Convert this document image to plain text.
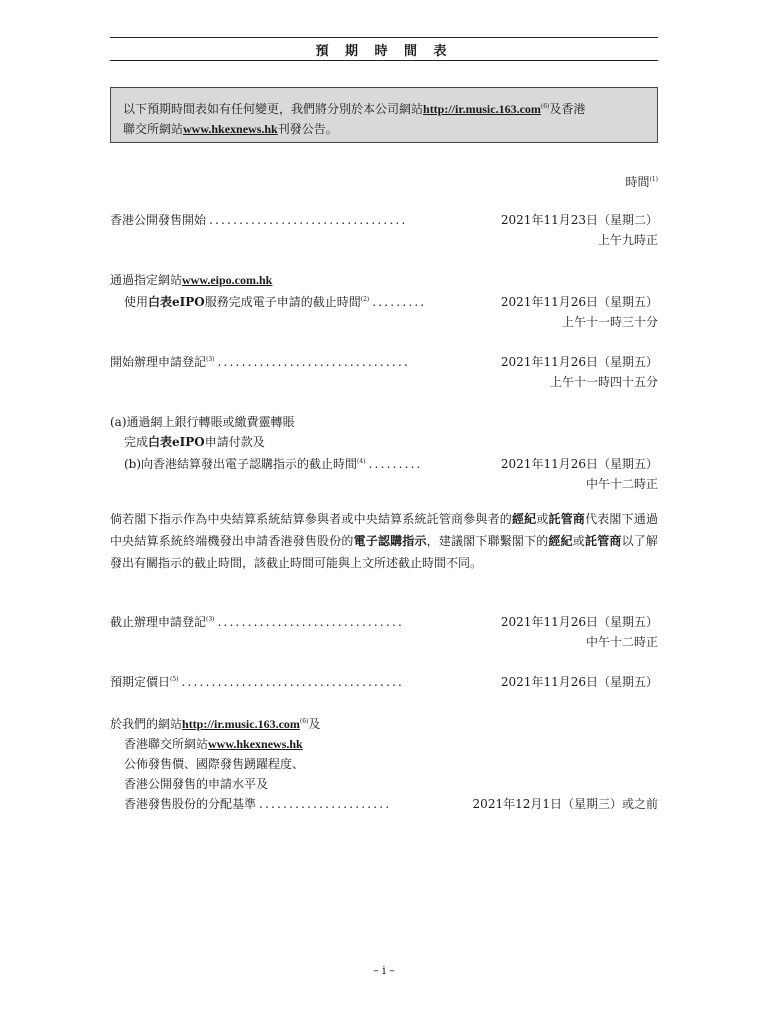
預 期 時 間 表
以下預期時間表如有任何變更，我們將分別於本公司網站http://ir.music.163.com$^{(6)}$及香港
聯交所網站www.hkexnews.hk刊發公告。
時間$^{(1)}$
香港公開發售開始 .................................	2021年11月23日（星期二）
上午九時正
通過指定網站www.eipo.com.hk
使用白表eIPO服務完成電子申請的截止時間$^{(2)}$ .........	2021年11月26日（星期五）
上午十一時三十分
開始辦理申請登記$^{(3)}$ ................................	2021年11月26日（星期五）
上午十一時四十五分
(a)通過網上銀行轉賬或繳費靈轉賬
完成白表eIPO申請付款及
(b)向香港結算發出電子認購指示的截止時間$^{(4)}$ .........	2021年11月26日（星期五）
中午十二時正
倘若閣下指示作為中央結算系統結算參與者或中央結算系統託管商參與者的經紀或託管商代表閣下通過中央結算系統終端機發出申請香港發售股份的電子認購指示，建議閣下聯繫閣下的經紀或託管商以了解發出有關指示的截止時間，該截止時間可能與上文所述截止時間不同。
截止辦理申請登記$^{(3)}$ ...............................	2021年11月26日（星期五）
中午十二時正
預期定價日$^{(5)}$ .....................................	2021年11月26日（星期五）
於我們的網站http://ir.music.163.com$^{(6)}$及
香港聯交所網站www.hkexnews.hk
公佈發售價、國際發售踴躍程度、
香港公開發售的申請水平及
香港發售股份的分配基準 ......................	2021年12月1日（星期三）或之前
– i –
